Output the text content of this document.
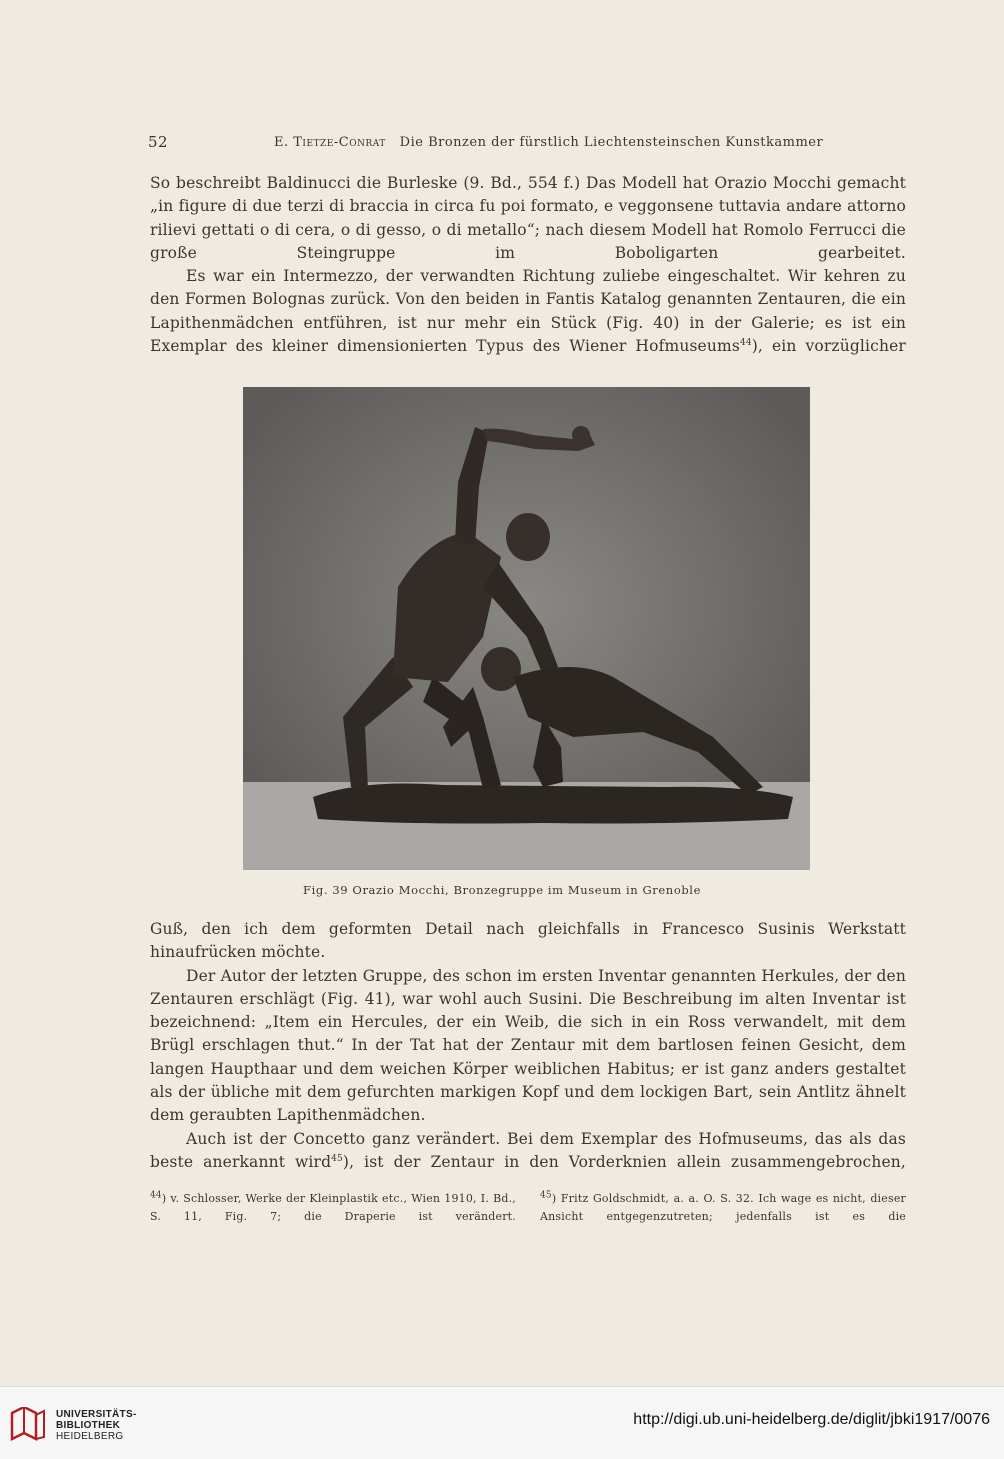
52	E. Tietze-Conrat Die Bronzen der fürstlich Liechtensteinschen Kunstkammer

So beschreibt Baldinucci die Burleske (9. Bd., 554 f.) Das Modell hat Orazio Mocchi gemacht „in figure di due terzi di braccia in circa fu poi formato, e veggonsene tuttavia andare attorno rilievi gettati o di cera, o di gesso, o di metallo“; nach diesem Modell hat Romolo Ferrucci die große Steingruppe im Boboligarten gearbeitet.

Es war ein Intermezzo, der verwandten Richtung zuliebe eingeschaltet. Wir kehren zu den Formen Bolognas zurück. Von den beiden in Fantis Katalog genannten Zentauren, die ein Lapithenmädchen entführen, ist nur mehr ein Stück (Fig. 40) in der Galerie; es ist ein Exemplar des kleiner dimensionierten Typus des Wiener Hofmuseums$^{44}$), ein vorzüglicher

Fig. 39 Orazio Mocchi, Bronzegruppe im Museum in Grenoble

Guß, den ich dem geformten Detail nach gleichfalls in Francesco Susinis Werkstatt hinaufrücken möchte.

Der Autor der letzten Gruppe, des schon im ersten Inventar genannten Herkules, der den Zentauren erschlägt (Fig. 41), war wohl auch Susini. Die Beschreibung im alten Inventar ist bezeichnend: „Item ein Hercules, der ein Weib, die sich in ein Ross verwandelt, mit dem Brügl erschlagen thut.“ In der Tat hat der Zentaur mit dem bartlosen feinen Gesicht, dem langen Haupthaar und dem weichen Körper weiblichen Habitus; er ist ganz anders gestaltet als der übliche mit dem gefurchten markigen Kopf und dem lockigen Bart, sein Antlitz ähnelt dem geraubten Lapithenmädchen.

Auch ist der Concetto ganz verändert. Bei dem Exemplar des Hofmuseums, das als das beste anerkannt wird$^{45}$), ist der Zentaur in den Vorderknien allein zusammengebrochen,

$^{44}$) v. Schlosser, Werke der Kleinplastik etc., Wien 1910, I. Bd., S. 11, Fig. 7; die Draperie ist verändert.
$^{45}$) Fritz Goldschmidt, a. a. O. S. 32. Ich wage es nicht, dieser Ansicht entgegenzutreten; jedenfalls ist es die
UNIVERSITÄTS-
BIBLIOTHEK
HEIDELBERG
http://digi.ub.uni-heidelberg.de/diglit/jbki1917/0076
